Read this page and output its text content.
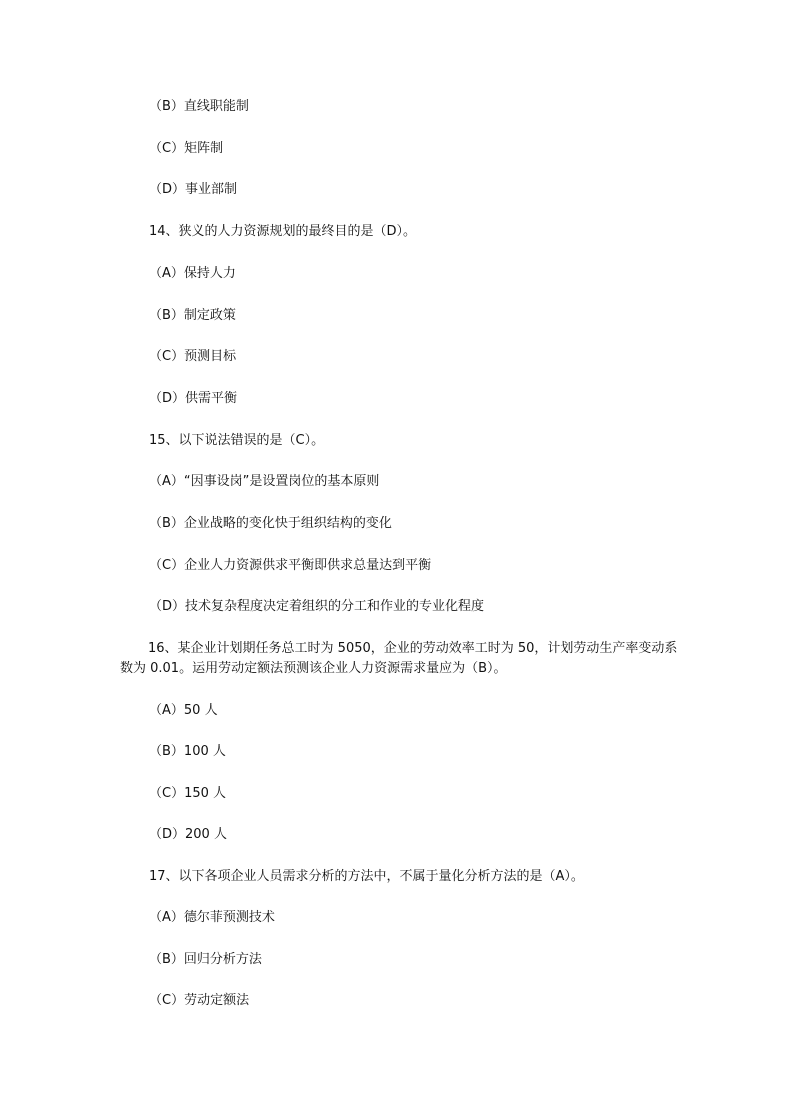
（B）直线职能制
（C）矩阵制
（D）事业部制
14、狭义的人力资源规划的最终目的是（D）。
（A）保持人力
（B）制定政策
（C）预测目标
（D）供需平衡
15、以下说法错误的是（C）。
（A）“因事设岗”是设置岗位的基本原则
（B）企业战略的变化快于组织结构的变化
（C）企业人力资源供求平衡即供求总量达到平衡
（D）技术复杂程度决定着组织的分工和作业的专业化程度
16、某企业计划期任务总工时为 5050，企业的劳动效率工时为 50，计划劳动生产率变动系数为 0.01。运用劳动定额法预测该企业人力资源需求量应为（B）。
（A）50 人
（B）100 人
（C）150 人
（D）200 人
17、以下各项企业人员需求分析的方法中，不属于量化分析方法的是（A）。
（A）德尔菲预测技术
（B）回归分析方法
（C）劳动定额法
